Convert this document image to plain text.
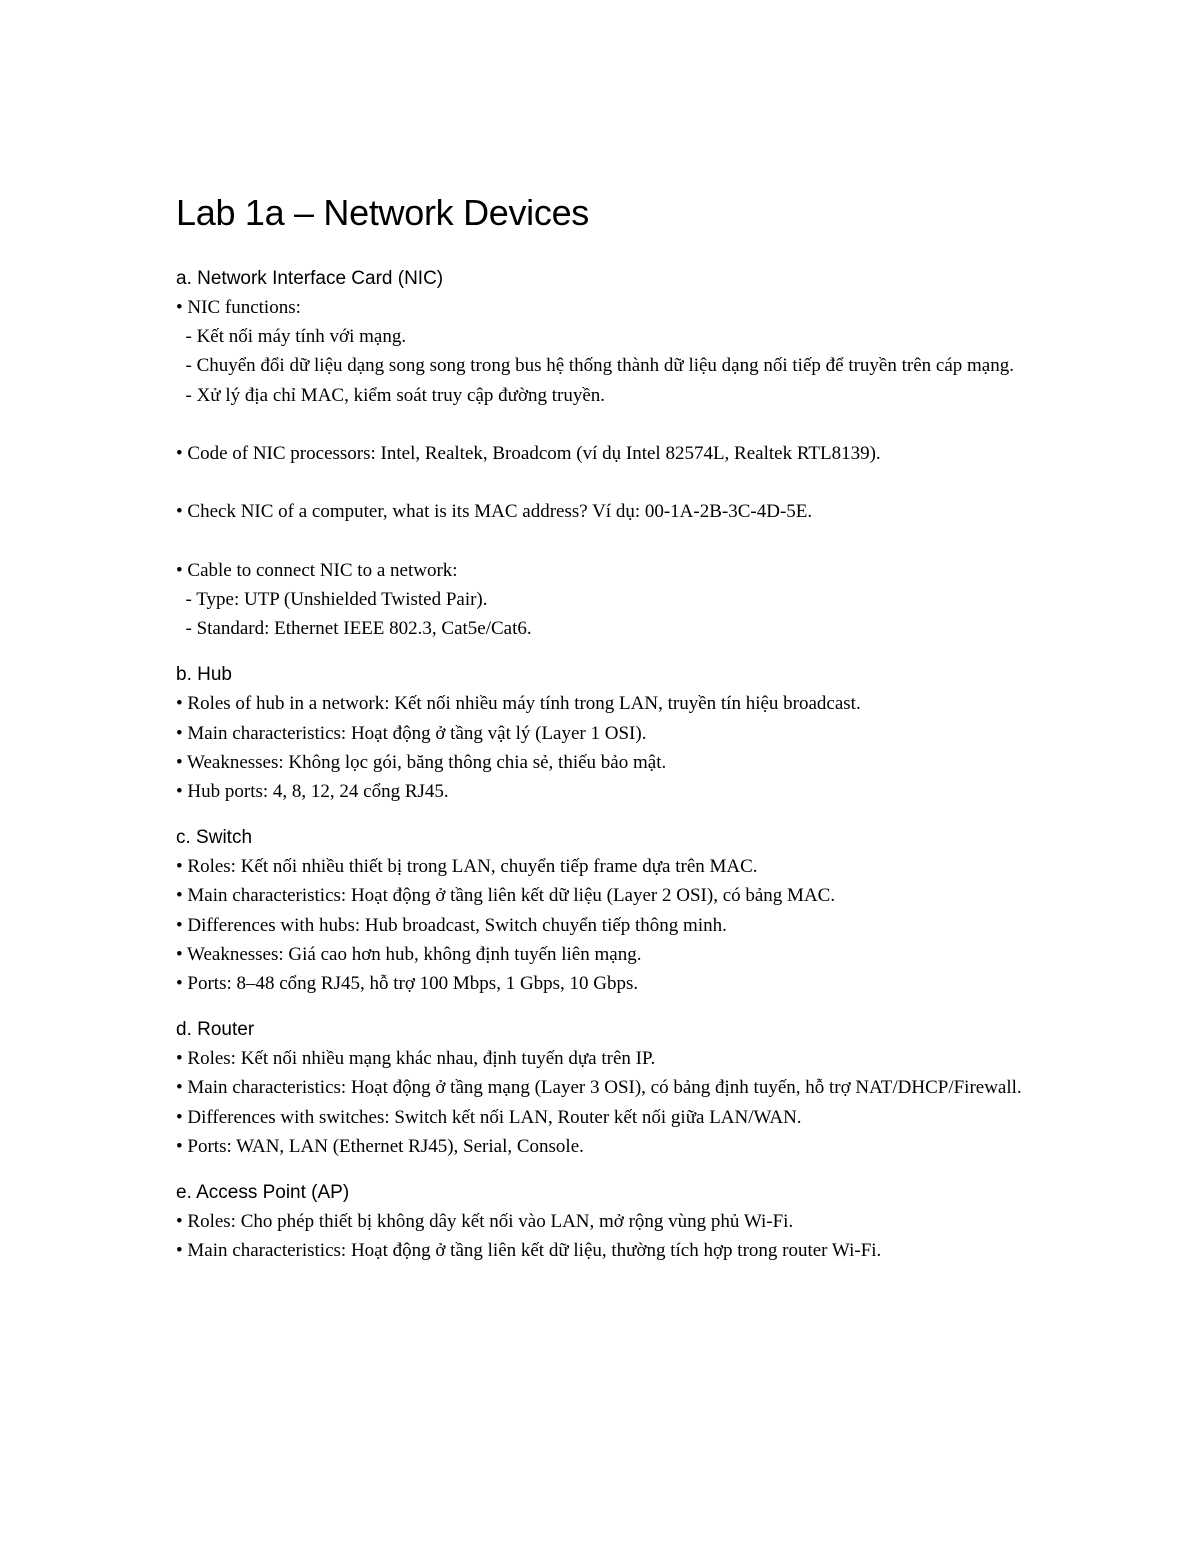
Lab 1a – Network Devices
a. Network Interface Card (NIC)
• NIC functions:
- Kết nối máy tính với mạng.
- Chuyển đổi dữ liệu dạng song song trong bus hệ thống thành dữ liệu dạng nối tiếp để truyền trên cáp mạng.
- Xử lý địa chỉ MAC, kiểm soát truy cập đường truyền.
• Code of NIC processors: Intel, Realtek, Broadcom (ví dụ Intel 82574L, Realtek RTL8139).
• Check NIC of a computer, what is its MAC address? Ví dụ: 00-1A-2B-3C-4D-5E.
• Cable to connect NIC to a network:
- Type: UTP (Unshielded Twisted Pair).
- Standard: Ethernet IEEE 802.3, Cat5e/Cat6.
b. Hub
• Roles of hub in a network: Kết nối nhiều máy tính trong LAN, truyền tín hiệu broadcast.
• Main characteristics: Hoạt động ở tầng vật lý (Layer 1 OSI).
• Weaknesses: Không lọc gói, băng thông chia sẻ, thiếu bảo mật.
• Hub ports: 4, 8, 12, 24 cổng RJ45.
c. Switch
• Roles: Kết nối nhiều thiết bị trong LAN, chuyển tiếp frame dựa trên MAC.
• Main characteristics: Hoạt động ở tầng liên kết dữ liệu (Layer 2 OSI), có bảng MAC.
• Differences with hubs: Hub broadcast, Switch chuyển tiếp thông minh.
• Weaknesses: Giá cao hơn hub, không định tuyến liên mạng.
• Ports: 8–48 cổng RJ45, hỗ trợ 100 Mbps, 1 Gbps, 10 Gbps.
d. Router
• Roles: Kết nối nhiều mạng khác nhau, định tuyến dựa trên IP.
• Main characteristics: Hoạt động ở tầng mạng (Layer 3 OSI), có bảng định tuyến, hỗ trợ NAT/DHCP/Firewall.
• Differences with switches: Switch kết nối LAN, Router kết nối giữa LAN/WAN.
• Ports: WAN, LAN (Ethernet RJ45), Serial, Console.
e. Access Point (AP)
• Roles: Cho phép thiết bị không dây kết nối vào LAN, mở rộng vùng phủ Wi-Fi.
• Main characteristics: Hoạt động ở tầng liên kết dữ liệu, thường tích hợp trong router Wi-Fi.
